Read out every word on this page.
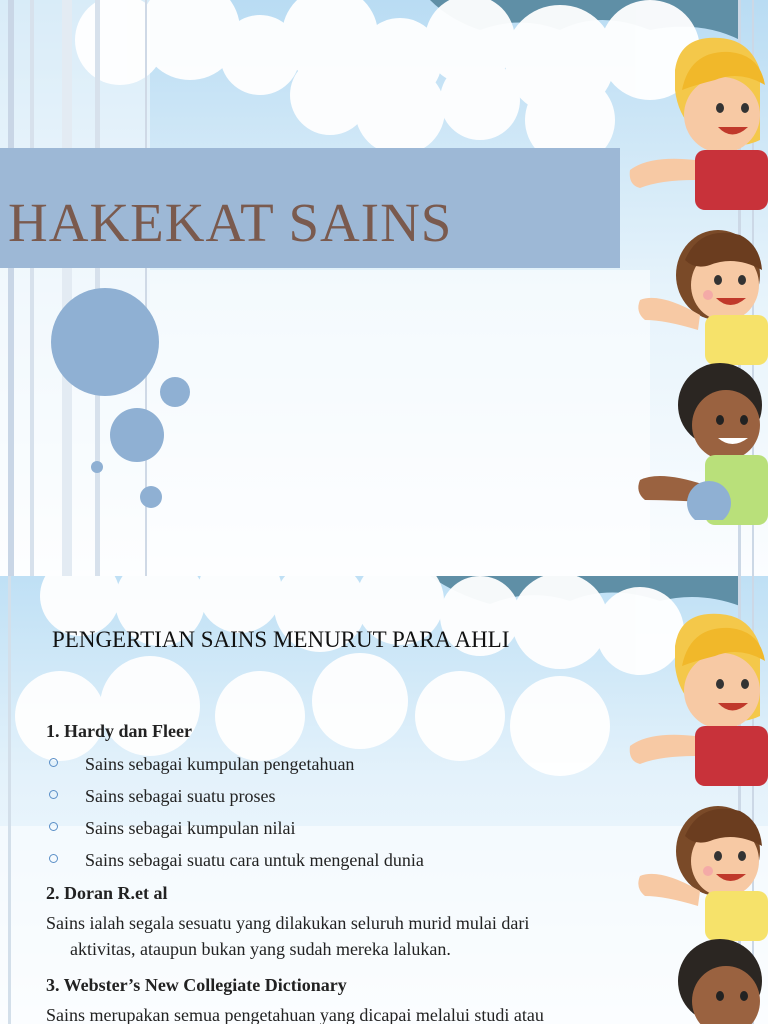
HAKEKAT SAINS
PENGERTIAN SAINS MENURUT PARA AHLI
1. Hardy dan Fleer
Sains sebagai kumpulan pengetahuan
Sains sebagai suatu proses
Sains sebagai kumpulan nilai
Sains sebagai suatu cara untuk mengenal dunia
2. Doran R.et al
Sains ialah segala sesuatu yang dilakukan seluruh murid mulai dari
aktivitas, ataupun bukan yang sudah mereka lalukan.
3. Webster’s New Collegiate Dictionary
Sains merupakan semua pengetahuan yang dicapai melalui studi atau
